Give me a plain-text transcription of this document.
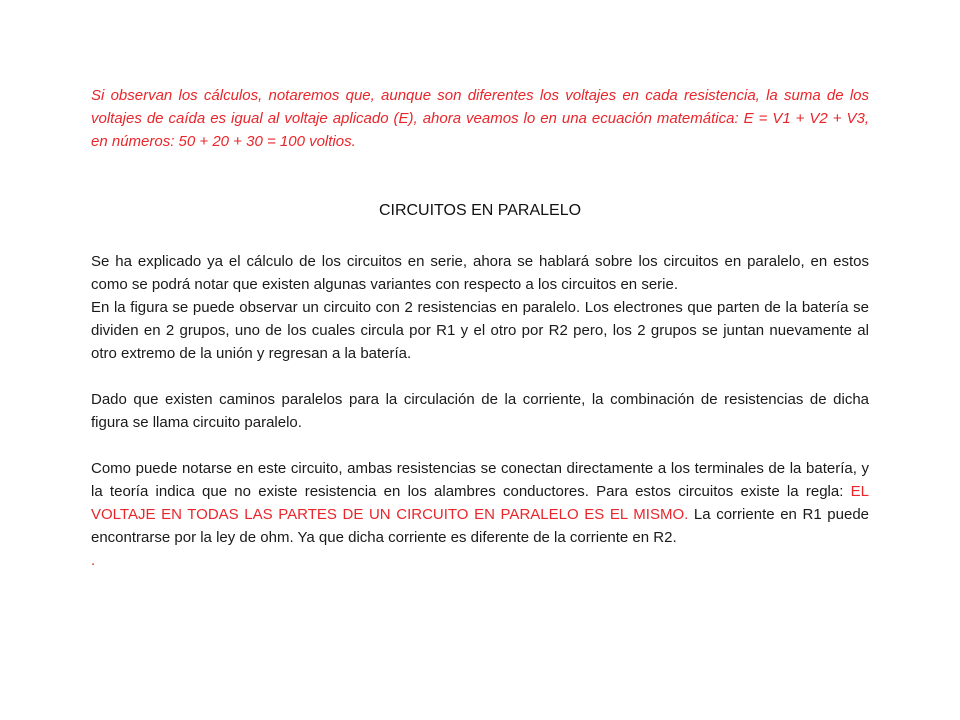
Si observan los cálculos, notaremos que, aunque son diferentes los voltajes en cada resistencia, la suma de los voltajes de caída es igual al voltaje aplicado (E), ahora veamos lo en una ecuación matemática: E = V1 + V2 + V3, en números: 50 + 20 + 30 = 100 voltios.

CIRCUITOS EN PARALELO

Se ha explicado ya el cálculo de los circuitos en serie, ahora se hablará sobre los circuitos en paralelo, en estos como se podrá notar que existen algunas variantes con respecto a los circuitos en serie.

En la figura se puede observar un circuito con 2 resistencias en paralelo. Los electrones que parten de la batería se dividen en 2 grupos, uno de los cuales circula por R1 y el otro por R2 pero, los 2 grupos se juntan nuevamente al otro extremo de la unión y regresan a la batería.

Dado que existen caminos paralelos para la circulación de la corriente, la combinación de resistencias de dicha figura se llama circuito paralelo.

Como puede notarse en este circuito, ambas resistencias se conectan directamente a los terminales de la batería, y la teoría indica que no existe resistencia en los alambres conductores. Para estos circuitos existe la regla: EL VOLTAJE EN TODAS LAS PARTES DE UN CIRCUITO EN PARALELO ES EL MISMO. La corriente en R1 puede encontrarse por la ley de ohm. Ya que dicha corriente es diferente de la corriente en R2.

.
